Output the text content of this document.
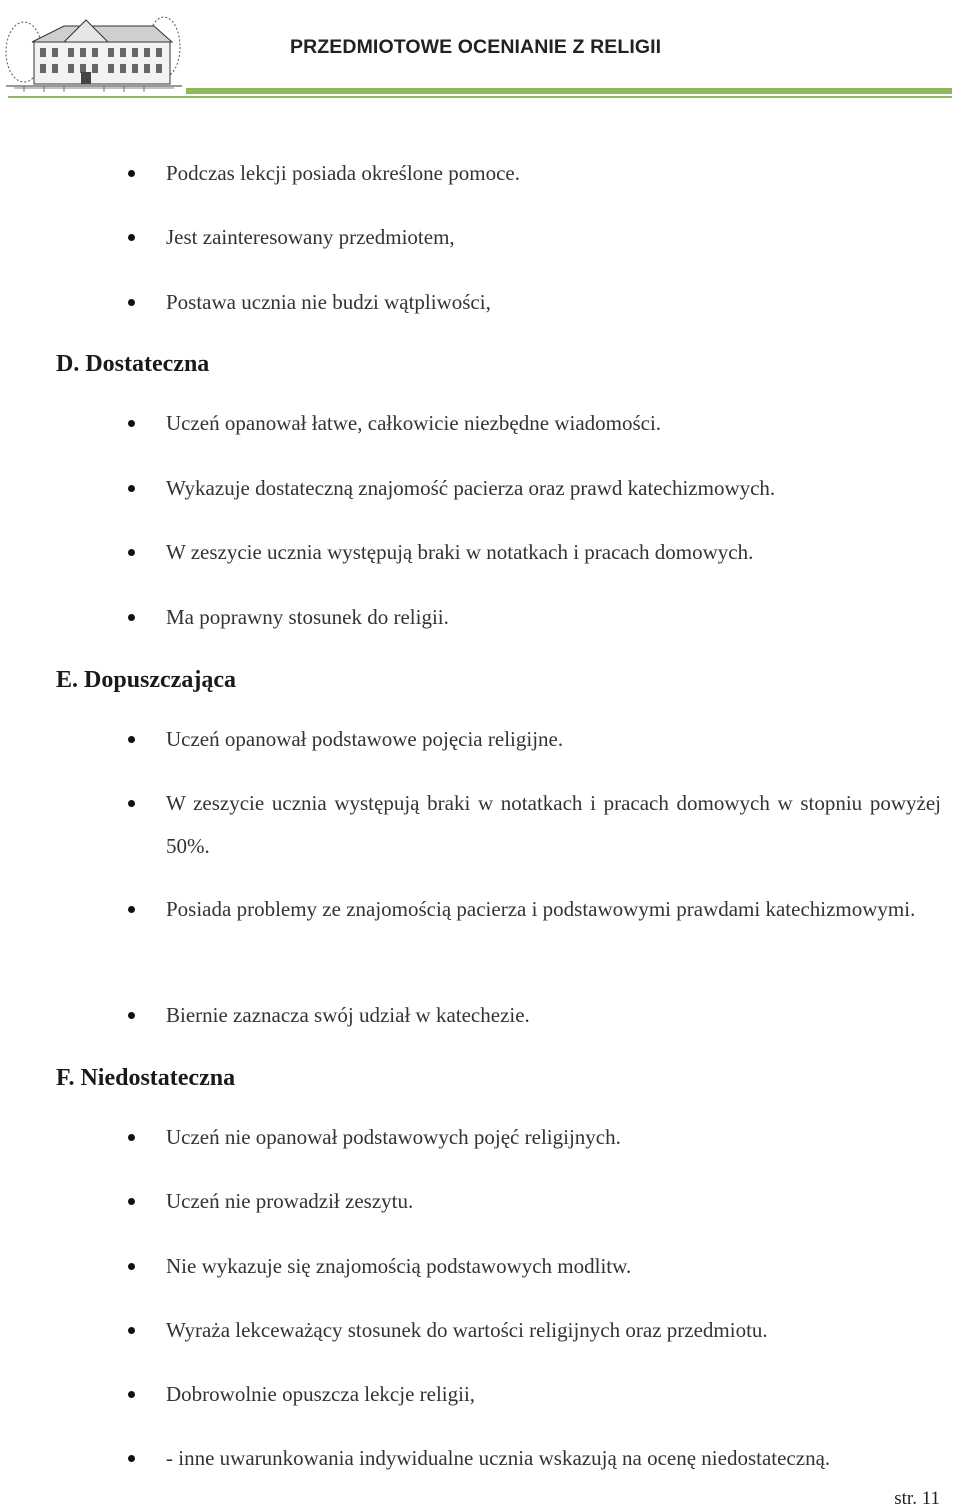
PRZEDMIOTOWE OCENIANIE Z RELIGII
Podczas lekcji posiada określone pomoce.
Jest zainteresowany przedmiotem,
Postawa ucznia nie budzi wątpliwości,
D. Dostateczna
Uczeń opanował łatwe, całkowicie niezbędne wiadomości.
Wykazuje dostateczną znajomość pacierza oraz prawd katechizmowych.
W zeszycie ucznia występują braki w notatkach i pracach domowych.
Ma poprawny stosunek do religii.
E. Dopuszczająca
Uczeń opanował podstawowe pojęcia religijne.
W zeszycie ucznia występują braki w notatkach i pracach domowych w stopniu powyżej 50%.
Posiada problemy ze znajomością pacierza i podstawowymi prawdami katechizmowymi.
Biernie zaznacza swój udział w katechezie.
F. Niedostateczna
Uczeń nie opanował podstawowych pojęć religijnych.
Uczeń nie prowadził zeszytu.
Nie wykazuje się znajomością podstawowych modlitw.
Wyraża lekceważący stosunek do wartości religijnych oraz przedmiotu.
Dobrowolnie opuszcza lekcje religii,
- inne uwarunkowania indywidualne ucznia wskazują na ocenę niedostateczną.
str. 11
